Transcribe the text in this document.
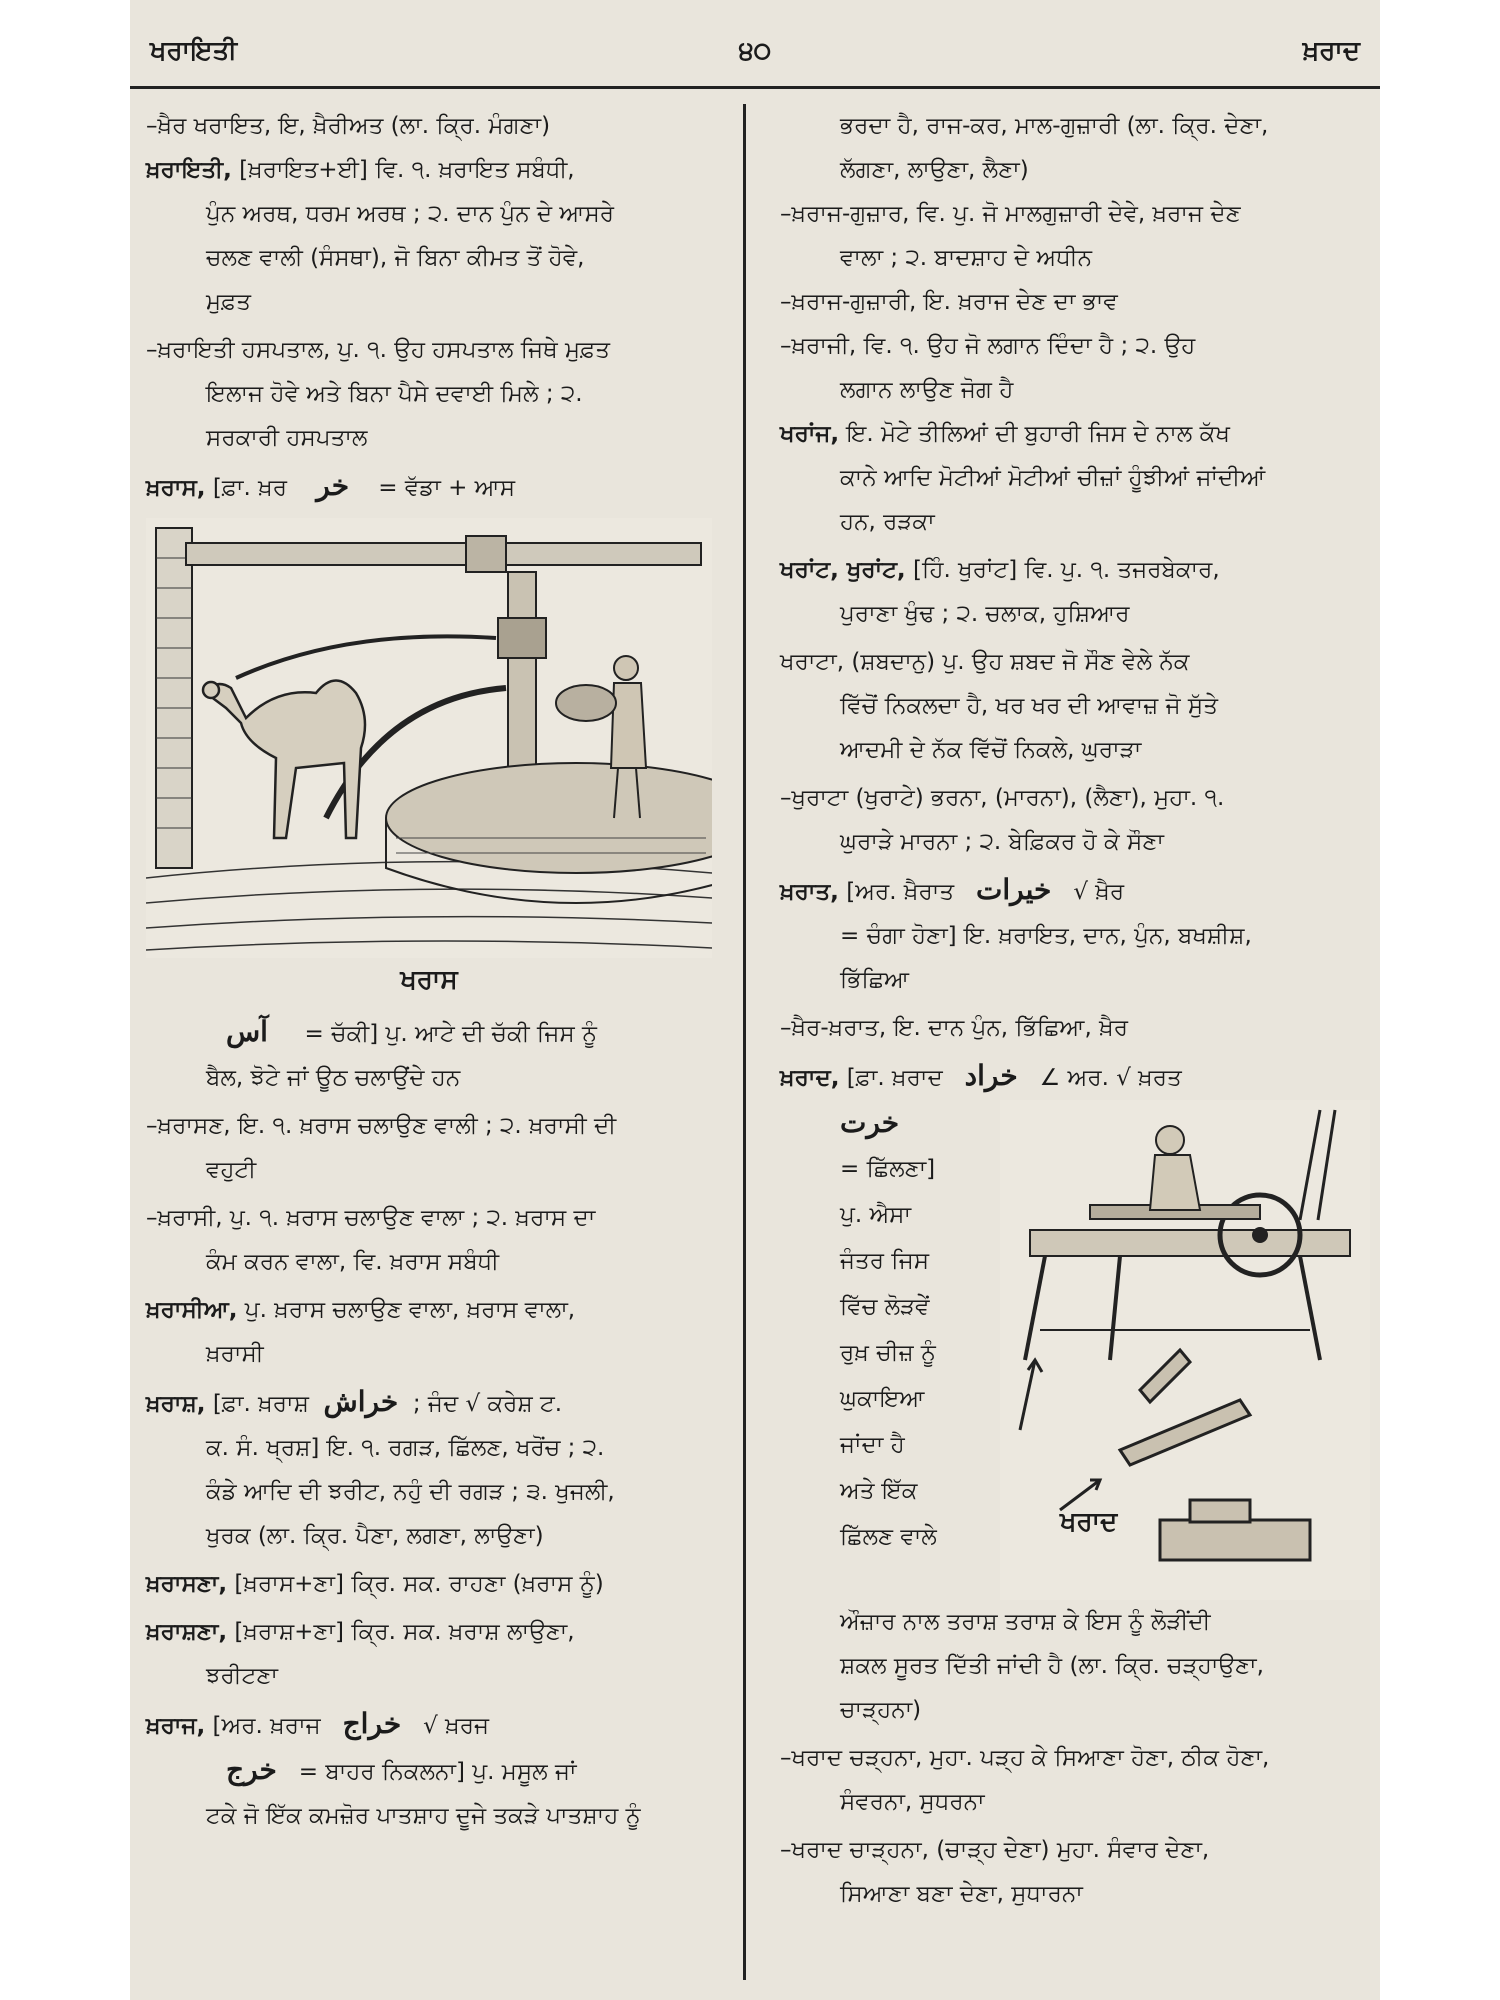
ਖਰਾਇਤੀ	੪੦	ਖ਼ਰਾਦ
–ਖ਼ੈਰ ਖਰਾਇਤ, ਇ, ਖ਼ੈਰੀਅਤ (ਲਾ. ਕ੍ਰਿ. ਮੰਗਣਾ)
ਖ਼ਰਾਇਤੀ, [ਖ਼ਰਾਇਤ+ਈ] ਵਿ. ੧. ਖ਼ਰਾਇਤ ਸਬੰਧੀ,
ਪੁੰਨ ਅਰਥ, ਧਰਮ ਅਰਥ ; ੨. ਦਾਨ ਪੁੰਨ ਦੇ ਆਸਰੇ
ਚਲਣ ਵਾਲੀ (ਸੰਸਥਾ), ਜੋ ਬਿਨਾ ਕੀਮਤ ਤੋਂ ਹੋਵੇ,
ਮੁਫ਼ਤ
–ਖ਼ਰਾਇਤੀ ਹਸਪਤਾਲ, ਪੁ. ੧. ਉਹ ਹਸਪਤਾਲ ਜਿਥੇ ਮੁਫ਼ਤ
ਇਲਾਜ ਹੋਵੇ ਅਤੇ ਬਿਨਾ ਪੈਸੇ ਦਵਾਈ ਮਿਲੇ ; ੨.
ਸਰਕਾਰੀ ਹਸਪਤਾਲ
ਖ਼ਰਾਸ, [ਫ਼ਾ. ਖ਼ਰ خر = ਵੱਡਾ + ਆਸ
ਖਰਾਸ
آس = ਚੱਕੀ] ਪੁ. ਆਟੇ ਦੀ ਚੱਕੀ ਜਿਸ ਨੂੰ
ਬੈਲ, ਝੋਟੇ ਜਾਂ ਊਠ ਚਲਾਉਂਦੇ ਹਨ
–ਖ਼ਰਾਸਣ, ਇ. ੧. ਖ਼ਰਾਸ ਚਲਾਉਣ ਵਾਲੀ ; ੨. ਖ਼ਰਾਸੀ ਦੀ
ਵਹੁਟੀ
–ਖ਼ਰਾਸੀ, ਪੁ. ੧. ਖ਼ਰਾਸ ਚਲਾਉਣ ਵਾਲਾ ; ੨. ਖ਼ਰਾਸ ਦਾ
ਕੰਮ ਕਰਨ ਵਾਲਾ, ਵਿ. ਖ਼ਰਾਸ ਸਬੰਧੀ
ਖ਼ਰਾਸੀਆ, ਪੁ. ਖ਼ਰਾਸ ਚਲਾਉਣ ਵਾਲਾ, ਖ਼ਰਾਸ ਵਾਲਾ,
ਖ਼ਰਾਸੀ
ਖ਼ਰਾਸ਼, [ਫ਼ਾ. ਖ਼ਰਾਸ਼ خراش ; ਜੰਦ √ ਕਰੇਸ਼ ਟ.
ਕ. ਸੰ. ਖ੍ਰਸ਼] ਇ. ੧. ਰਗੜ, ਛਿੱਲਣ, ਖਰੋਂਚ ; ੨.
ਕੰਡੇ ਆਦਿ ਦੀ ਝਰੀਟ, ਨਹੁੰ ਦੀ ਰਗੜ ; ੩. ਖੁਜਲੀ,
ਖੁਰਕ (ਲਾ. ਕ੍ਰਿ. ਪੈਣਾ, ਲਗਣਾ, ਲਾਉਣਾ)
ਖ਼ਰਾਸਣਾ, [ਖ਼ਰਾਸ+ਣਾ] ਕ੍ਰਿ. ਸਕ. ਰਾਹਣਾ (ਖ਼ਰਾਸ ਨੂੰ)
ਖ਼ਰਾਸ਼ਣਾ, [ਖ਼ਰਾਸ਼+ਣਾ] ਕ੍ਰਿ. ਸਕ. ਖ਼ਰਾਸ਼ ਲਾਉਣਾ,
ਝਰੀਟਣਾ
ਖ਼ਰਾਜ, [ਅਰ. ਖ਼ਰਾਜ خراج √ ਖ਼ਰਜ
خرج = ਬਾਹਰ ਨਿਕਲਨਾ] ਪੁ. ਮਸੂਲ ਜਾਂ
ਟਕੇ ਜੋ ਇੱਕ ਕਮਜ਼ੋਰ ਪਾਤਸ਼ਾਹ ਦੂਜੇ ਤਕੜੇ ਪਾਤਸ਼ਾਹ ਨੂੰ
ਭਰਦਾ ਹੈ, ਰਾਜ-ਕਰ, ਮਾਲ-ਗੁਜ਼ਾਰੀ (ਲਾ. ਕ੍ਰਿ. ਦੇਣਾ,
ਲੱਗਣਾ, ਲਾਉਣਾ, ਲੈਣਾ)
–ਖ਼ਰਾਜ-ਗੁਜ਼ਾਰ, ਵਿ. ਪੁ. ਜੋ ਮਾਲਗੁਜ਼ਾਰੀ ਦੇਵੇ, ਖ਼ਰਾਜ ਦੇਣ
ਵਾਲਾ ; ੨. ਬਾਦਸ਼ਾਹ ਦੇ ਅਧੀਨ
–ਖ਼ਰਾਜ-ਗੁਜ਼ਾਰੀ, ਇ. ਖ਼ਰਾਜ ਦੇਣ ਦਾ ਭਾਵ
–ਖ਼ਰਾਜੀ, ਵਿ. ੧. ਉਹ ਜੋ ਲਗਾਨ ਦਿੰਦਾ ਹੈ ; ੨. ਉਹ
ਲਗਾਨ ਲਾਉਣ ਜੋਗ ਹੈ
ਖਰਾਂਜ, ਇ. ਮੋਟੇ ਤੀਲਿਆਂ ਦੀ ਬੁਹਾਰੀ ਜਿਸ ਦੇ ਨਾਲ ਕੱਖ
ਕਾਨੇ ਆਦਿ ਮੋਟੀਆਂ ਮੋਟੀਆਂ ਚੀਜ਼ਾਂ ਹੂੰਝੀਆਂ ਜਾਂਦੀਆਂ
ਹਨ, ਰੜਕਾ
ਖਰਾਂਟ, ਖੁਰਾਂਟ, [ਹਿੰ. ਖੁਰਾਂਟ] ਵਿ. ਪੁ. ੧. ਤਜਰਬੇਕਾਰ,
ਪੁਰਾਣਾ ਖੁੰਢ ; ੨. ਚਲਾਕ, ਹੁਸ਼ਿਆਰ
ਖਰਾਟਾ, (ਸ਼ਬਦਾਨੁ) ਪੁ. ਉਹ ਸ਼ਬਦ ਜੋ ਸੌਣ ਵੇਲੇ ਨੱਕ
ਵਿੱਚੋਂ ਨਿਕਲਦਾ ਹੈ, ਖਰ ਖਰ ਦੀ ਆਵਾਜ਼ ਜੋ ਸੁੱਤੇ
ਆਦਮੀ ਦੇ ਨੱਕ ਵਿੱਚੋਂ ਨਿਕਲੇ, ਘੁਰਾੜਾ
–ਖੁਰਾਟਾ (ਖੁਰਾਟੇ) ਭਰਨਾ, (ਮਾਰਨਾ), (ਲੈਣਾ), ਮੁਹਾ. ੧.
ਘੁਰਾੜੇ ਮਾਰਨਾ ; ੨. ਬੇਫ਼ਿਕਰ ਹੋ ਕੇ ਸੌਣਾ
ਖ਼ਰਾਤ, [ਅਰ. ਖ਼ੈਰਾਤ خيرات √ ਖ਼ੈਰ
= ਚੰਗਾ ਹੋਣਾ] ਇ. ਖ਼ਰਾਇਤ, ਦਾਨ, ਪੁੰਨ, ਬਖਸ਼ੀਸ਼,
ਭਿੱਛਿਆ
–ਖ਼ੈਰ-ਖ਼ਰਾਤ, ਇ. ਦਾਨ ਪੁੰਨ, ਭਿੱਛਿਆ, ਖ਼ੈਰ
ਖ਼ਰਾਦ, [ਫ਼ਾ. ਖ਼ਰਾਦ خراد ∠ ਅਰ. √ ਖ਼ਰਤ
خرت
= ਛਿੱਲਣਾ]
ਪੁ. ਐਸਾ
ਜੰਤਰ ਜਿਸ
ਵਿੱਚ ਲੋੜਵੇਂ
ਰੁਖ਼ ਚੀਜ਼ ਨੂੰ
ਘੁਕਾਇਆ
ਜਾਂਦਾ ਹੈ
ਅਤੇ ਇੱਕ
ਛਿੱਲਣ ਵਾਲੇ	ਖਰਾਦ
ਔਜ਼ਾਰ ਨਾਲ ਤਰਾਸ਼ ਤਰਾਸ਼ ਕੇ ਇਸ ਨੂੰ ਲੋੜੀਂਦੀ
ਸ਼ਕਲ ਸੂਰਤ ਦਿੱਤੀ ਜਾਂਦੀ ਹੈ (ਲਾ. ਕ੍ਰਿ. ਚੜ੍ਹਾਉਣਾ,
ਚਾੜ੍ਹਨਾ)
–ਖਰਾਦ ਚੜ੍ਹਨਾ, ਮੁਹਾ. ਪੜ੍ਹ ਕੇ ਸਿਆਣਾ ਹੋਣਾ, ਠੀਕ ਹੋਣਾ,
ਸੰਵਰਨਾ, ਸੁਧਰਨਾ
–ਖਰਾਦ ਚਾੜ੍ਹਨਾ, (ਚਾੜ੍ਹ ਦੇਣਾ) ਮੁਹਾ. ਸੰਵਾਰ ਦੇਣਾ,
ਸਿਆਣਾ ਬਣਾ ਦੇਣਾ, ਸੁਧਾਰਨਾ
